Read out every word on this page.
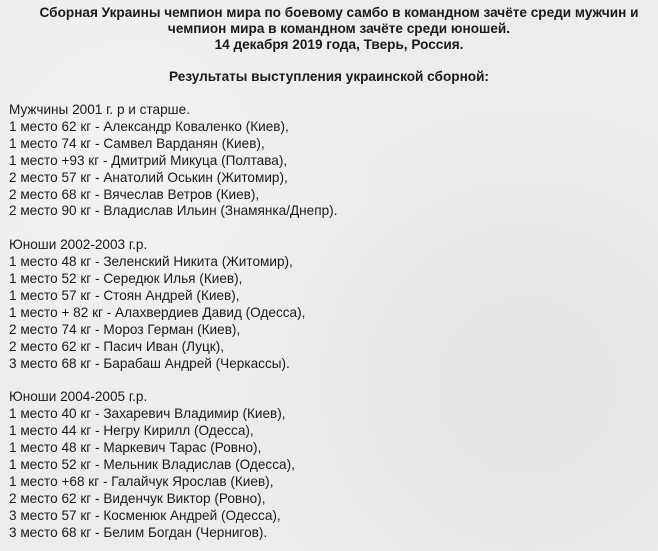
Сборная Украины чемпион мира по боевому самбо в командном зачёте среди мужчин и
чемпион мира в командном зачёте среди юношей.
14 декабря 2019 года, Тверь, Россия.
Результаты выступления украинской сборной:
Мужчины 2001 г. р и старше.
1 место 62 кг - Александр Коваленко (Киев),
1 место 74 кг - Самвел Варданян (Киев),
1 место +93 кг - Дмитрий Микуца (Полтава),
2 место 57 кг - Анатолий Оськин (Житомир),
2 место 68 кг - Вячеслав Ветров (Киев),
2 место 90 кг - Владислав Ильин (Знамянка/Днепр).
Юноши 2002-2003 г.р.
1 место 48 кг - Зеленский Никита (Житомир),
1 место 52 кг - Середюк Илья (Киев),
1 место 57 кг - Стоян Андрей (Киев),
1 место + 82 кг - Алахвердиев Давид (Одесса),
2 место 74 кг - Мороз Герман (Киев),
2 место 62 кг - Пасич Иван (Луцк),
3 место 68 кг - Барабаш Андрей (Черкассы).
Юноши 2004-2005 г.р.
1 место 40 кг - Захаревич Владимир (Киев),
1 место 44 кг - Негру Кирилл (Одесса),
1 место 48 кг - Маркевич Тарас (Ровно),
1 место 52 кг - Мельник Владислав (Одесса),
1 место +68 кг - Галайчук Ярослав (Киев),
2 место 62 кг - Виденчук Виктор (Ровно),
3 место 57 кг - Косменюк Андрей (Одесса),
3 место 68 кг - Белим Богдан (Чернигов).
